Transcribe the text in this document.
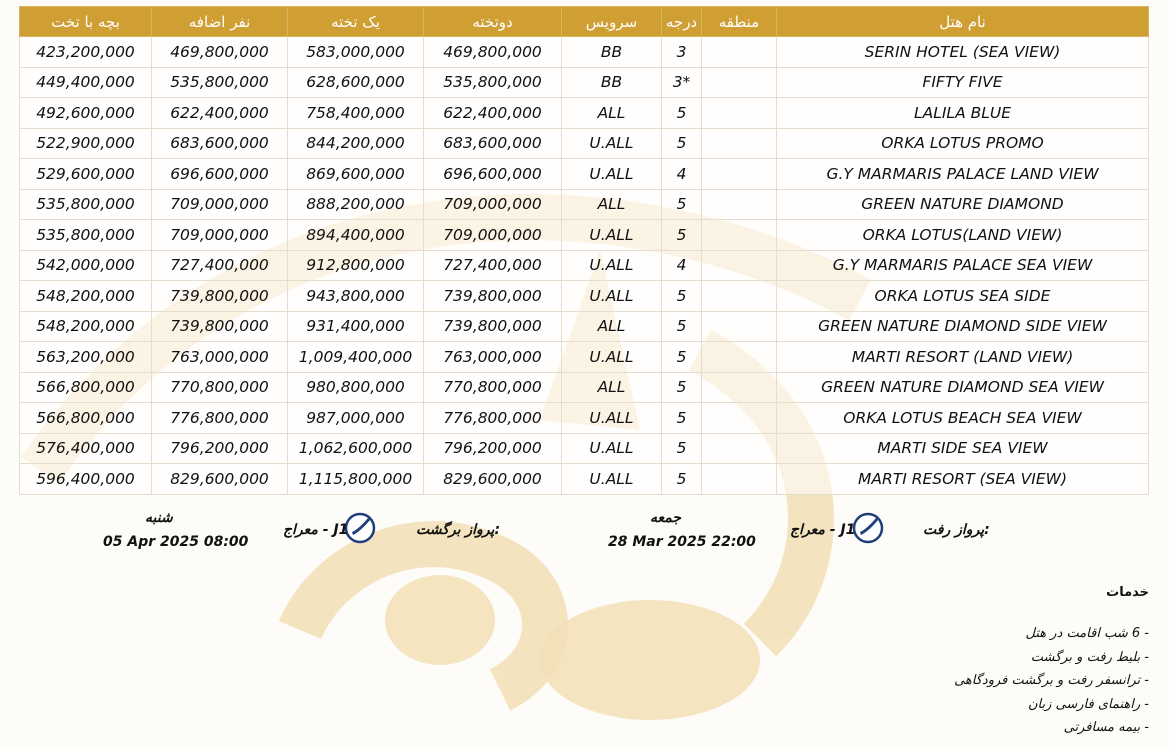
بچه با تخت	نفر اضافه	یک تخته	دوتخته	سرویس	درجه	منطقه	نام هتل
423,200,000	469,800,000	583,000,000	469,800,000	BB	3		SERIN HOTEL (SEA VIEW)
449,400,000	535,800,000	628,600,000	535,800,000	BB	3*		FIFTY FIVE
492,600,000	622,400,000	758,400,000	622,400,000	ALL	5		LALILA BLUE
522,900,000	683,600,000	844,200,000	683,600,000	U.ALL	5		ORKA LOTUS PROMO
529,600,000	696,600,000	869,600,000	696,600,000	U.ALL	4		G.Y MARMARIS PALACE LAND VIEW
535,800,000	709,000,000	888,200,000	709,000,000	ALL	5		GREEN NATURE DIAMOND
535,800,000	709,000,000	894,400,000	709,000,000	U.ALL	5		ORKA LOTUS(LAND VIEW)
542,000,000	727,400,000	912,800,000	727,400,000	U.ALL	4		G.Y MARMARIS PALACE SEA VIEW
548,200,000	739,800,000	943,800,000	739,800,000	U.ALL	5		ORKA LOTUS SEA SIDE
548,200,000	739,800,000	931,400,000	739,800,000	ALL	5		GREEN NATURE DIAMOND SIDE VIEW
563,200,000	763,000,000	1,009,400,000	763,000,000	U.ALL	5		MARTI RESORT (LAND VIEW)
566,800,000	770,800,000	980,800,000	770,800,000	ALL	5		GREEN NATURE DIAMOND SEA VIEW
566,800,000	776,800,000	987,000,000	776,800,000	U.ALL	5		ORKA LOTUS BEACH SEA VIEW
576,400,000	796,200,000	1,062,600,000	796,200,000	U.ALL	5		MARTI SIDE SEA VIEW
596,400,000	829,600,000	1,115,800,000	829,600,000	U.ALL	5		MARTI RESORT (SEA VIEW)
پرواز رفت:
معراج - J1
جمعه
28 Mar 2025 22:00
پرواز برگشت:
معراج - J1
شنبه
05 Apr 2025 08:00
خدمات
- 6 شب اقامت در هتل
- بلیط رفت و برگشت
- ترانسفر رفت و برگشت فرودگاهی
- راهنمای فارسی زبان
- بیمه مسافرتی
